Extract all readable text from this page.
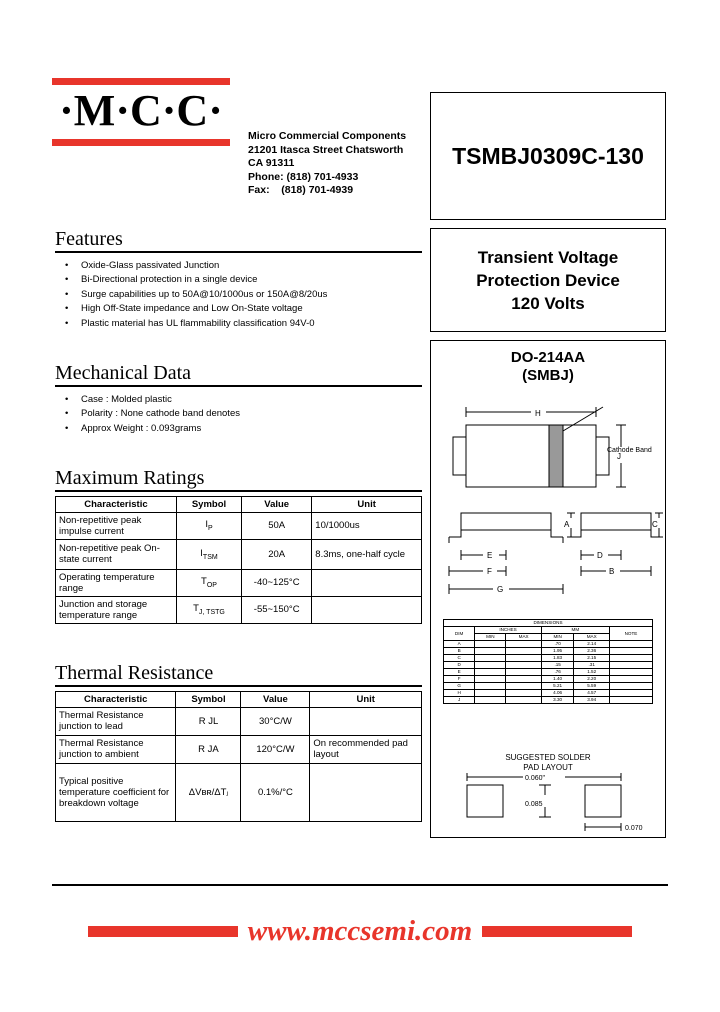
·M·C·C·
Micro Commercial Components
21201 Itasca Street Chatsworth
CA 91311
Phone: (818) 701-4933
Fax:    (818) 701-4939
TSMBJ0309C-130
Transient Voltage
Protection Device
120 Volts
Features
• Oxide-Glass passivated Junction
• Bi-Directional protection in a single device
• Surge capabilities up to 50A@10/1000us or 150A@8/20us
• High Off-State impedance and Low On-State voltage
• Plastic material has UL flammability classification 94V-0
Mechanical Data
• Case : Molded plastic
• Polarity : None cathode band denotes
• Approx Weight : 0.093grams
Maximum Ratings
Characteristic	Symbol	Value	Unit
Non-repetitive peak impulse current	$I_P$	50A	10/1000us
Non-repetitive peak On-state current	$I_{TSM}$	20A	8.3ms, one-half cycle
Operating temperature range	$T_{OP}$	-40~125°C	
Junction and storage temperature range	$T_{J, TSTG}$	-55~150°C	
Thermal Resistance
Characteristic	Symbol	Value	Unit
Thermal Resistance junction to lead	R JL	30°C/W	
Thermal Resistance junction to ambient	R JA	120°C/W	On recommended pad layout
Typical positive temperature coefficient for breakdown voltage	ΔVʙʀ/ΔTⱼ	0.1%/°C	
DO-214AA
(SMBJ)
H
J
E
F
G
A	C
D
B
Cathode Band
DIMENSIONS					
DIM	INCHES		MM		NOTE
	MIN	MAX	MIN	MAX	
A			.70	2.14	
B			1.95	2.36	
C			1.83	2.15	
D			.15	.31	
E			.76	1.52	
F			1.40	2.20	
G			5.21	5.59	
H			4.06	4.57	
J			3.30	3.94	
SUGGESTED SOLDER
PAD LAYOUT
0.060"
0.085
0.070
www.mccsemi.com
